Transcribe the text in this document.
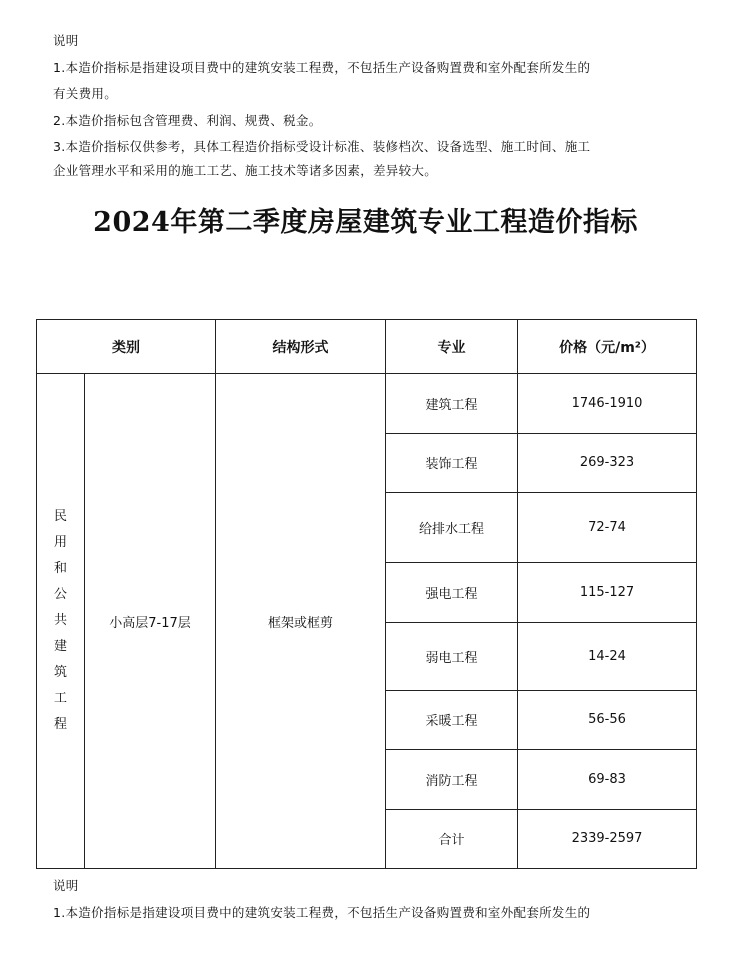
说明
1.本造价指标是指建设项目费中的建筑安装工程费，不包括生产设备购置费和室外配套所发生的
有关费用。
2.本造价指标包含管理费、利润、规费、税金。
3.本造价指标仅供参考，具体工程造价指标受设计标准、装修档次、设备选型、施工时间、施工
企业管理水平和采用的施工工艺、施工技术等诸多因素，差异较大。
2024年第二季度房屋建筑专业工程造价指标
类别		结构形式	专业	价格（元/m²）
民用和公共建筑工程	小高层7-17层	框架或框剪	建筑工程	1746-1910
			装饰工程	269-323
			给排水工程	72-74
			强电工程	115-127
			弱电工程	14-24
			采暖工程	56-56
			消防工程	69-83
			合计	2339-2597
说明
1.本造价指标是指建设项目费中的建筑安装工程费，不包括生产设备购置费和室外配套所发生的
